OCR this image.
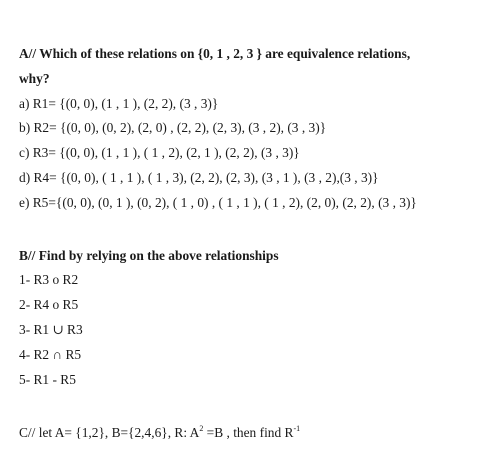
A// Which of these relations on {0, 1 , 2, 3 } are equivalence relations,
why?
a) R1= {(0, 0), (1 , 1 ), (2, 2), (3 , 3)}
b) R2= {(0, 0), (0, 2), (2, 0) , (2, 2), (2, 3), (3 , 2), (3 , 3)}
c) R3= {(0, 0), (1 , 1 ), ( 1 , 2), (2, 1 ), (2, 2), (3 , 3)}
d) R4= {(0, 0), ( 1 , 1 ), ( 1 , 3), (2, 2), (2, 3), (3 , 1 ), (3 , 2),(3 , 3)}
e) R5={(0, 0), (0, 1 ), (0, 2), ( 1 , 0) , ( 1 , 1 ), ( 1 , 2), (2, 0), (2, 2), (3 , 3)}
B// Find by relying on the above relationships
1- R3 o R2
2- R4 o R5
3- R1 ∪ R3
4- R2 ∩ R5
5- R1 - R5
C// let A= {1,2}, B={2,4,6}, R: $A^2 =B$ , then find $R^{-1}$
